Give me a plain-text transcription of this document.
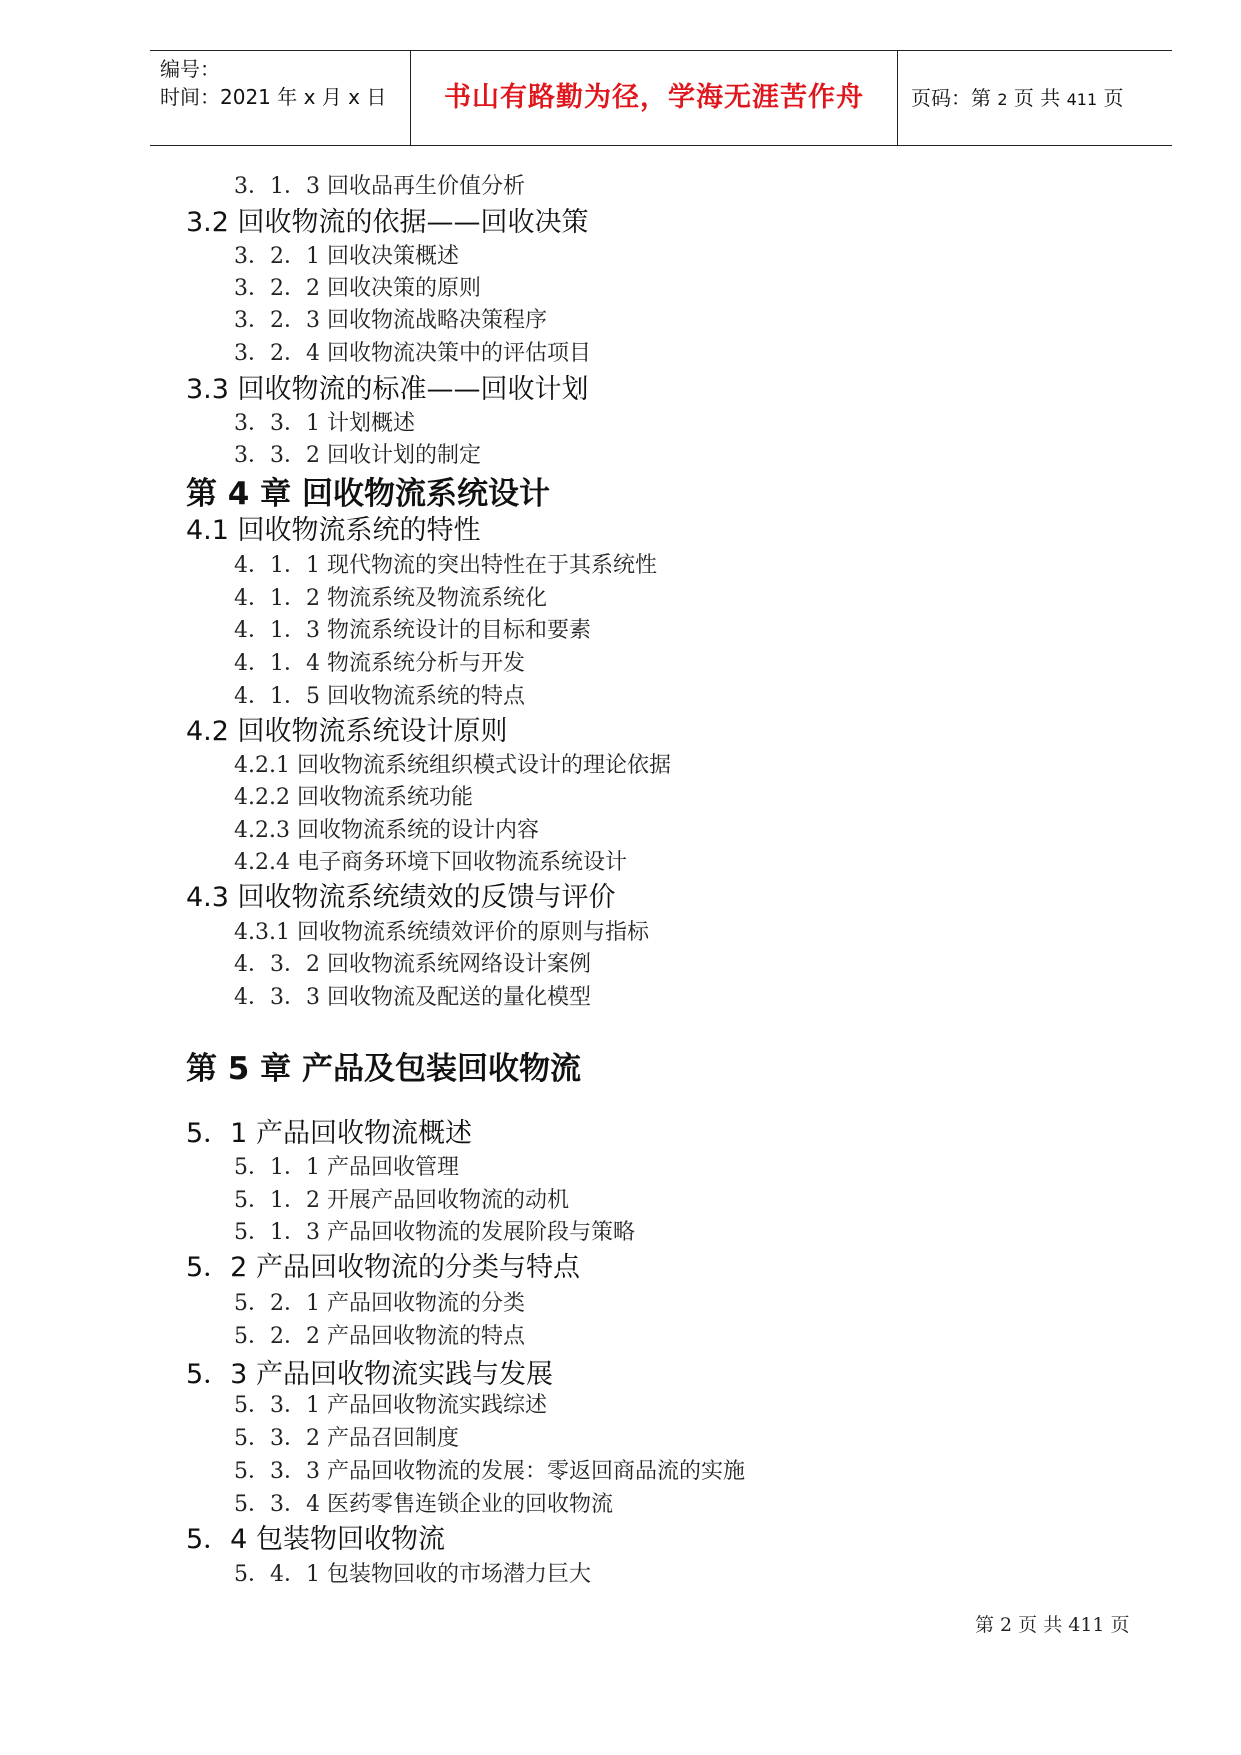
编号：
时间：2021 年 x 月 x 日	书山有路勤为径，学海无涯苦作舟	页码：第 2 页 共 411 页
3．1．3 回收品再生价值分析
3.2 回收物流的依据——回收决策
3．2．1 回收决策概述
3．2．2 回收决策的原则
3．2．3 回收物流战略决策程序
3．2．4 回收物流决策中的评估项目
3.3 回收物流的标准——回收计划
3．3．1 计划概述
3．3．2 回收计划的制定
第 4 章 回收物流系统设计
4.1 回收物流系统的特性
4．1．1 现代物流的突出特性在于其系统性
4．1．2 物流系统及物流系统化
4．1．3 物流系统设计的目标和要素
4．1．4 物流系统分析与开发
4．1．5 回收物流系统的特点
4.2 回收物流系统设计原则
4.2.1 回收物流系统组织模式设计的理论依据
4.2.2 回收物流系统功能
4.2.3 回收物流系统的设计内容
4.2.4 电子商务环境下回收物流系统设计
4.3 回收物流系统绩效的反馈与评价
4.3.1 回收物流系统绩效评价的原则与指标
4．3．2 回收物流系统网络设计案例
4．3．3 回收物流及配送的量化模型
第 5 章 产品及包装回收物流
5．1 产品回收物流概述
5．1．1 产品回收管理
5．1．2 开展产品回收物流的动机
5．1．3 产品回收物流的发展阶段与策略
5．2 产品回收物流的分类与特点
5．2．1 产品回收物流的分类
5．2．2 产品回收物流的特点
5．3 产品回收物流实践与发展
5．3．1 产品回收物流实践综述
5．3．2 产品召回制度
5．3．3 产品回收物流的发展：零返回商品流的实施
5．3．4 医药零售连锁企业的回收物流
5．4 包装物回收物流
5．4．1 包装物回收的市场潜力巨大
第 2 页 共 411 页
